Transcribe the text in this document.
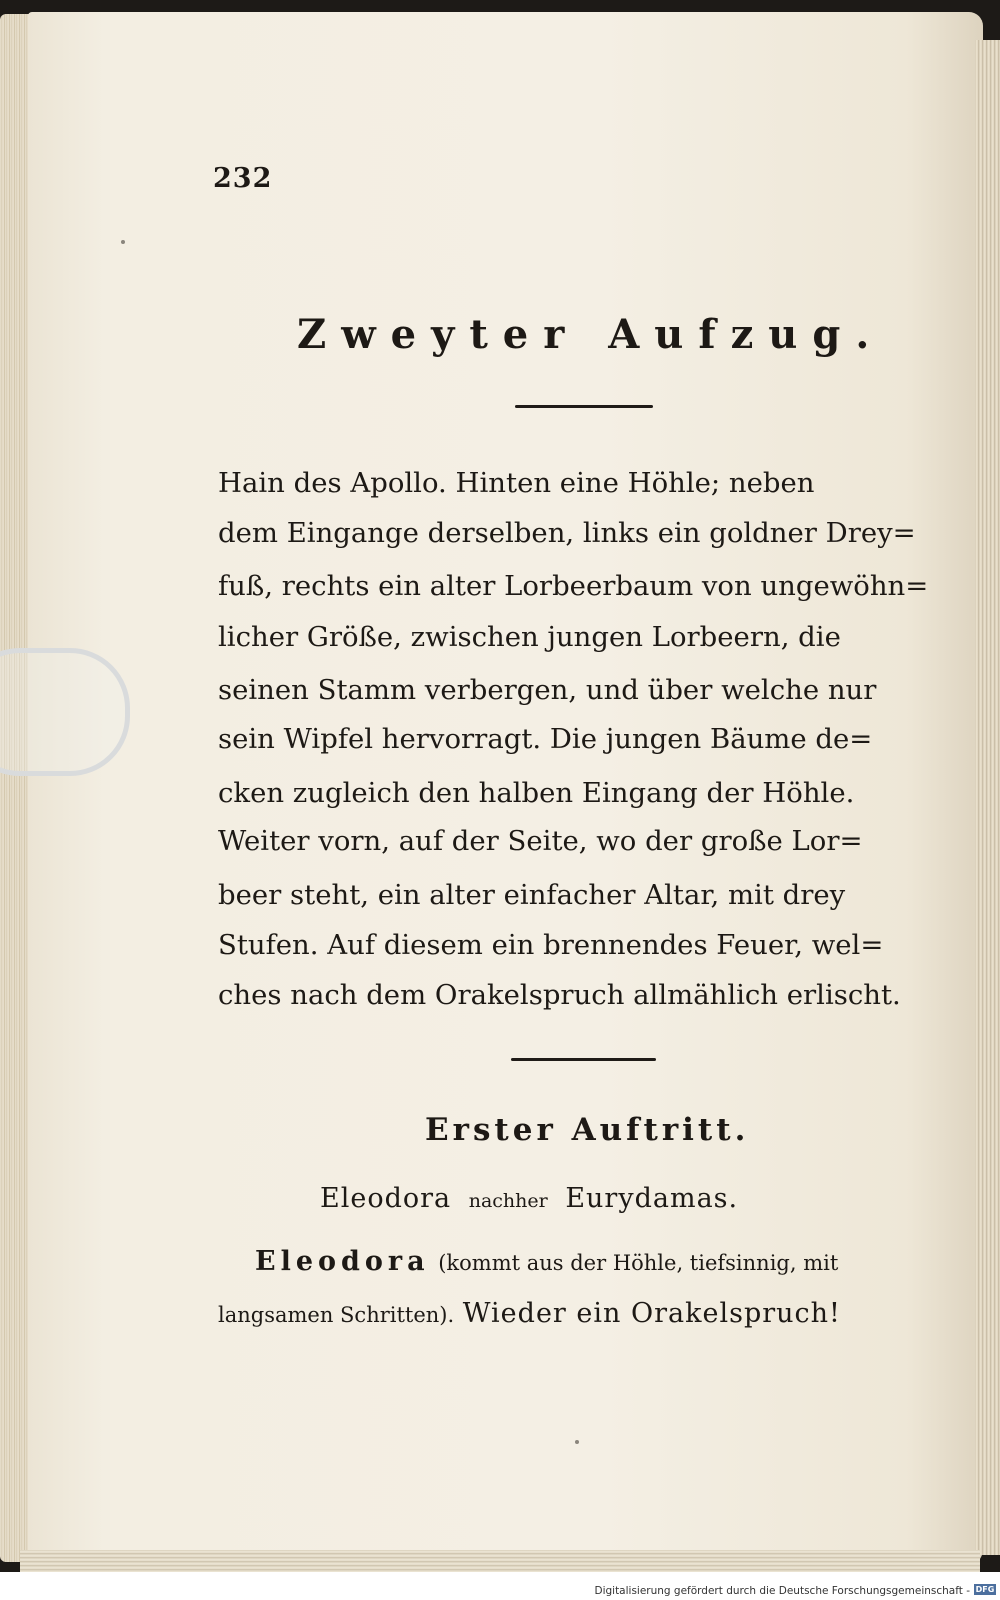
232
Zweyter Aufzug.
Hain des Apollo. Hinten eine Höhle; neben
dem Eingange derselben, links ein goldner Drey=
fuß, rechts ein alter Lorbeerbaum von ungewöhn=
licher Größe, zwischen jungen Lorbeern, die
seinen Stamm verbergen, und über welche nur
sein Wipfel hervorragt. Die jungen Bäume de=
cken zugleich den halben Eingang der Höhle.
Weiter vorn, auf der Seite, wo der große Lor=
beer steht, ein alter einfacher Altar, mit drey
Stufen. Auf diesem ein brennendes Feuer, wel=
ches nach dem Orakelspruch allmählich erlischt.
Erster Auftritt.
Eleodora nachher Eurydamas.
Eleodora (kommt aus der Höhle, tiefsinnig, mit
langsamen Schritten). Wieder ein Orakelspruch!
Digitalisierung gefördert durch die Deutsche Forschungsgemeinschaft - DFG
